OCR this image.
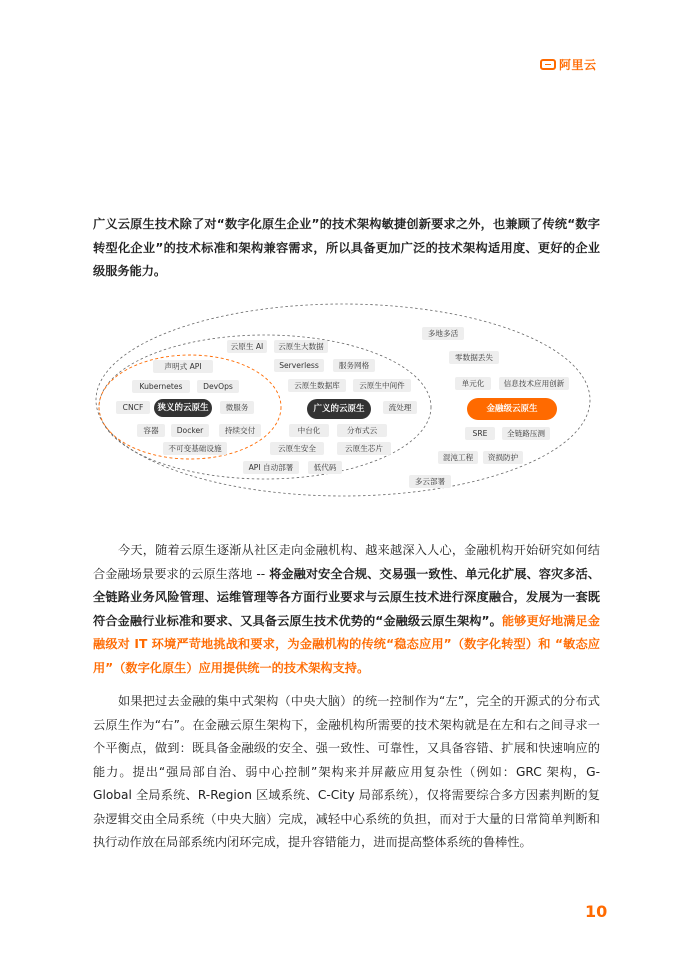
阿里云

广义云原生技术除了对“数字化原生企业”的技术架构敏捷创新要求之外，也兼顾了传统“数字转型化企业”的技术标准和架构兼容需求，所以具备更加广泛的技术架构适用度、更好的企业级服务能力。

声明式 API
Kubernetes	DevOps
CNCF	微服务
容器 Docker	持续交付
不可变基础设施
狭义的云原生
云原生 AI 云原生大数据
Serverless	服务网格
云原生数据库	云原生中间件
流处理
中台化	分布式云
云原生安全	云原生芯片
API 自动部署	低代码
广义的云原生
多地多活
零数据丢失
单元化	信息技术应用创新
SRE	全链路压测
混沌工程 资损防护
多云部署
金融级云原生

今天，随着云原生逐渐从社区走向金融机构、越来越深入人心，金融机构开始研究如何结合金融场景要求的云原生落地 -- 将金融对安全合规、交易强一致性、单元化扩展、容灾多活、全链路业务风险管理、运维管理等各方面行业要求与云原生技术进行深度融合，发展为一套既符合金融行业标准和要求、又具备云原生技术优势的“金融级云原生架构”。能够更好地满足金融级对 IT 环境严苛地挑战和要求，为金融机构的传统“稳态应用”（数字化转型）和 “敏态应用”（数字化原生）应用提供统一的技术架构支持。

如果把过去金融的集中式架构（中央大脑）的统一控制作为“左”，完全的开源式的分布式云原生作为“右”。在金融云原生架构下，金融机构所需要的技术架构就是在左和右之间寻求一个平衡点，做到：既具备金融级的安全、强一致性、可靠性，又具备容错、扩展和快速响应的能力。提出“强局部自治、弱中心控制”架构来并屏蔽应用复杂性（例如：GRC 架构，G-Global 全局系统、R-Region 区域系统、C-City 局部系统），仅将需要综合多方因素判断的复杂逻辑交由全局系统（中央大脑）完成，减轻中心系统的负担，而对于大量的日常简单判断和执行动作放在局部系统内闭环完成，提升容错能力，进而提高整体系统的鲁棒性。

10
